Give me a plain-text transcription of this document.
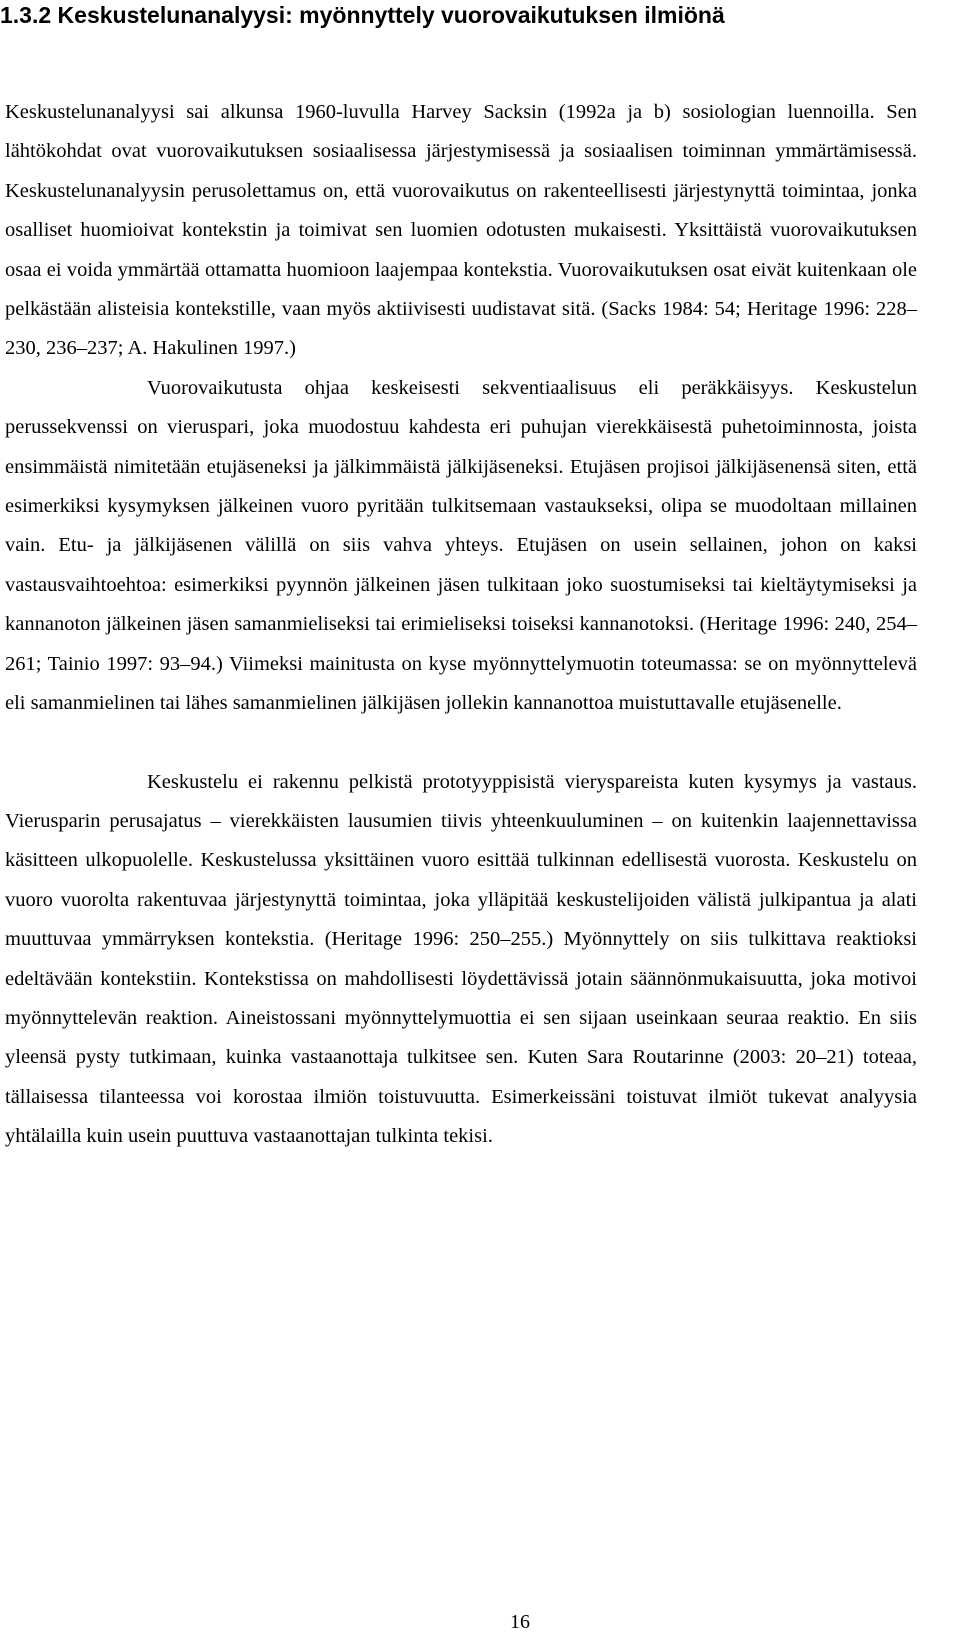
1.3.2 Keskustelunanalyysi: myönnyttely vuorovaikutuksen ilmiönä

Keskustelunanalyysi sai alkunsa 1960-luvulla Harvey Sacksin (1992a ja b) sosiologian luennoilla. Sen lähtökohdat ovat vuorovaikutuksen sosiaalisessa järjestymisessä ja sosiaalisen toiminnan ymmärtämisessä. Keskustelunanalyysin perusolettamus on, että vuorovaikutus on rakenteellisesti järjestynyttä toimintaa, jonka osalliset huomioivat kontekstin ja toimivat sen luomien odotusten mukaisesti. Yksittäistä vuorovaikutuksen osaa ei voida ymmärtää ottamatta huomioon laajempaa kontekstia. Vuorovaikutuksen osat eivät kuitenkaan ole pelkästään alisteisia kontekstille, vaan myös aktiivisesti uudistavat sitä. (Sacks 1984: 54; Heritage 1996: 228–230, 236–237; A. Hakulinen 1997.)

Vuorovaikutusta ohjaa keskeisesti sekventiaalisuus eli peräkkäisyys. Keskustelun perussekvenssi on vieruspari, joka muodostuu kahdesta eri puhujan vierekkäisestä puhetoiminnosta, joista ensimmäistä nimitetään etujäseneksi ja jälkimmäistä jälkijäseneksi. Etujäsen projisoi jälkijäsenensä siten, että esimerkiksi kysymyksen jälkeinen vuoro pyritään tulkitsemaan vastaukseksi, olipa se muodoltaan millainen vain. Etu- ja jälkijäsenen välillä on siis vahva yhteys. Etujäsen on usein sellainen, johon on kaksi vastausvaihtoehtoa: esimerkiksi pyynnön jälkeinen jäsen tulkitaan joko suostumiseksi tai kieltäytymiseksi ja kannanoton jälkeinen jäsen samanmieliseksi tai erimieliseksi toiseksi kannanotoksi. (Heritage 1996: 240, 254–261; Tainio 1997: 93–94.) Viimeksi mainitusta on kyse myönnyttelymuotin toteumassa: se on myönnyttelevä eli samanmielinen tai lähes samanmielinen jälkijäsen jollekin kannanottoa muistuttavalle etujäsenelle.

Keskustelu ei rakennu pelkistä prototyyppisistä vierуspareista kuten kysymys ja vastaus. Vierusparin perusajatus – vierekkäisten lausumien tiivis yhteenkuuluminen – on kuitenkin laajennettavissa käsitteen ulkopuolelle. Keskustelussa yksittäinen vuoro esittää tulkinnan edellisestä vuorosta. Keskustelu on vuoro vuorolta rakentuvaa järjestynyttä toimintaa, joka ylläpitää keskustelijoiden välistä julkipantua ja alati muuttuvaa ymmärryksen kontekstia. (Heritage 1996: 250–255.) Myönnyttely on siis tulkittava reaktioksi edeltävään kontekstiin. Kontekstissa on mahdollisesti löydettävissä jotain säännönmukaisuutta, joka motivoi myönnyttelevän reaktion. Aineistossani myönnyttelymuottia ei sen sijaan useinkaan seuraa reaktio. En siis yleensä pysty tutkimaan, kuinka vastaanottaja tulkitsee sen. Kuten Sara Routarinne (2003: 20–21) toteaa, tällaisessa tilanteessa voi korostaa ilmiön toistuvuutta. Esimerkeissäni toistuvat ilmiöt tukevat analyysia yhtälailla kuin usein puuttuva vastaanottajan tulkinta tekisi.

16
